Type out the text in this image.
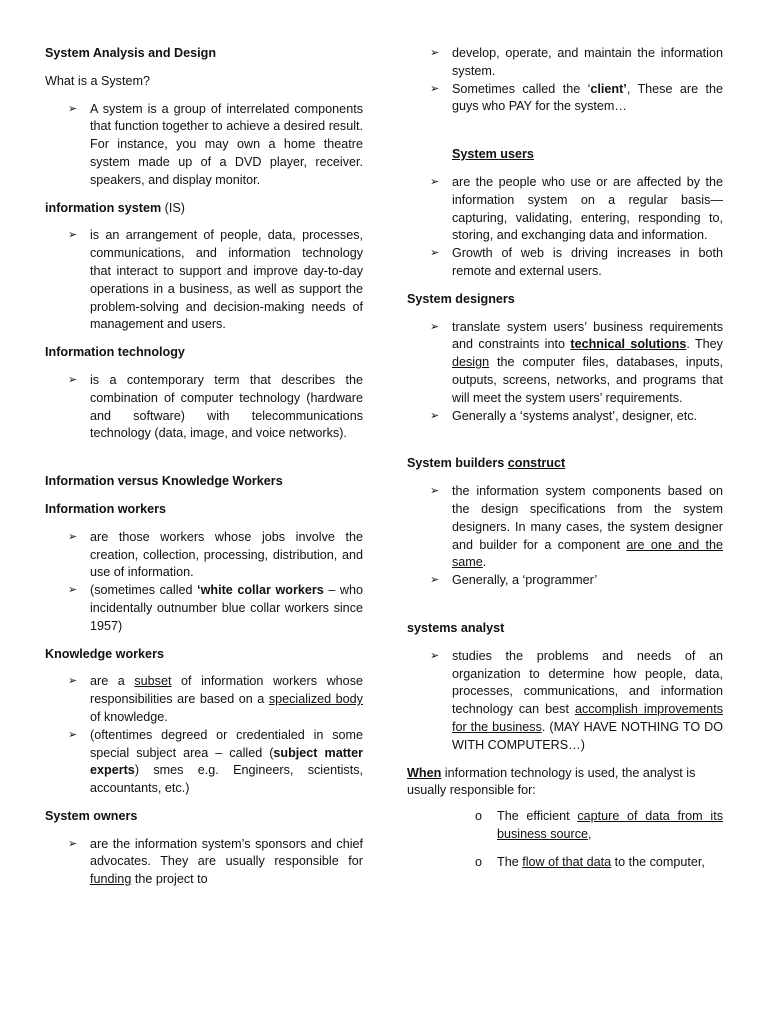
System Analysis and Design

What is a System?

➢ A system is a group of interrelated components that function together to achieve a desired result. For instance, you may own a home theatre system made up of a DVD player, receiver. speakers, and display monitor.

information system (IS)

➢ is an arrangement of people, data, processes, communications, and information technology that interact to support and improve day-to-day operations in a business, as well as support the problem-solving and decision-making needs of management and users.

Information technology

➢ is a contemporary term that describes the combination of computer technology (hardware and software) with telecommunications technology (data, image, and voice networks).

Information versus Knowledge Workers

Information workers

➢ are those workers whose jobs involve the creation, collection, processing, distribution, and use of information.
➢ (sometimes called ‘white collar workers – who incidentally outnumber blue collar workers since 1957)

Knowledge workers

➢ are a subset of information workers whose responsibilities are based on a specialized body of knowledge.
➢ (oftentimes degreed or credentialed in some special subject area – called (subject matter experts) smes e.g. Engineers, scientists, accountants, etc.)

System owners

➢ are the information system’s sponsors and chief advocates. They are usually responsible for funding the project to
➢ develop, operate, and maintain the information system.
➢ Sometimes called the ‘client’, These are the guys who PAY for the system…

System users

➢ are the people who use or are affected by the information system on a regular basis—capturing, validating, entering, responding to, storing, and exchanging data and information.
➢ Growth of web is driving increases in both remote and external users.

System designers

➢ translate system users’ business requirements and constraints into technical solutions. They design the computer files, databases, inputs, outputs, screens, networks, and programs that will meet the system users’ requirements.
➢ Generally a ‘systems analyst’, designer, etc.

System builders construct

➢ the information system components based on the design specifications from the system designers. In many cases, the system designer and builder for a component are one and the same.
➢ Generally, a ‘programmer’

systems analyst

➢ studies the problems and needs of an organization to determine how people, data, processes, communications, and information technology can best accomplish improvements for the business. (MAY HAVE NOTHING TO DO WITH COMPUTERS…)

When information technology is used, the analyst is usually responsible for:

o The efficient capture of data from its business source,
o The flow of that data to the computer,
